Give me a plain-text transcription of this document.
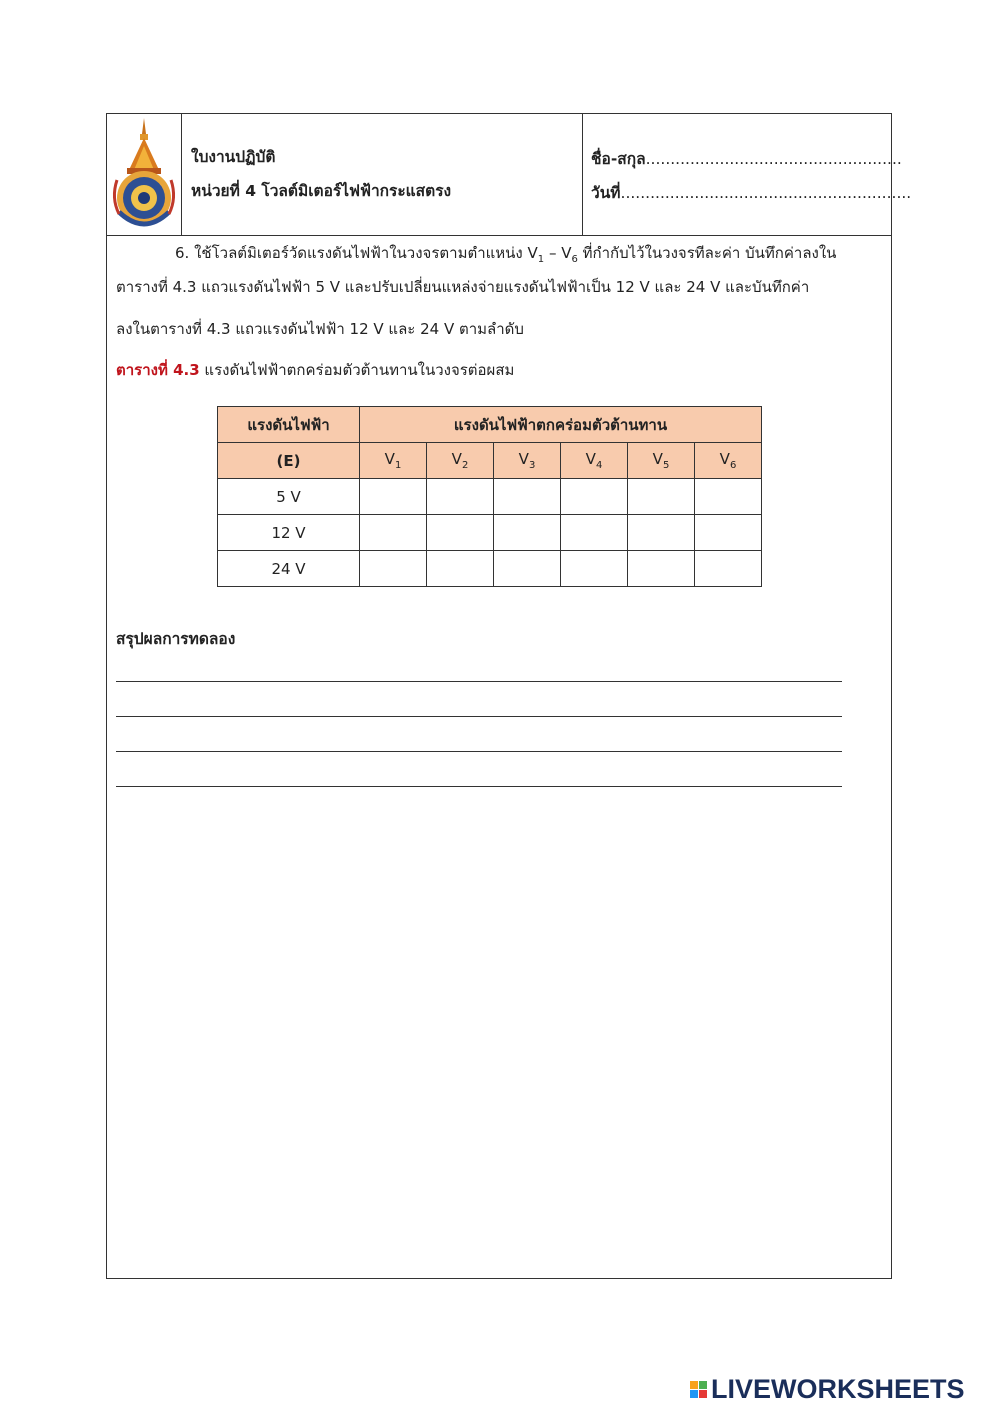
ใบงานปฏิบัติ
หน่วยที่ 4 โวลต์มิเตอร์ไฟฟ้ากระแสตรง
ชื่อ-สกุล....................................................
วันที่...........................................................
6. ใช้โวลต์มิเตอร์วัดแรงดันไฟฟ้าในวงจรตามตำแหน่ง $V_1 - V_6$ ที่กำกับไว้ในวงจรทีละค่า บันทึกค่าลงใน
ตารางที่ 4.3 แถวแรงดันไฟฟ้า 5 V และปรับเปลี่ยนแหล่งจ่ายแรงดันไฟฟ้าเป็น 12 V และ 24 V และบันทึกค่า
ลงในตารางที่ 4.3 แถวแรงดันไฟฟ้า 12 V และ 24 V ตามลำดับ
ตารางที่ 4.3 แรงดันไฟฟ้าตกคร่อมตัวต้านทานในวงจรต่อผสม
แรงดันไฟฟ้า	แรงดันไฟฟ้าตกคร่อมตัวต้านทาน					
(E)	$V_1$	$V_2$	$V_3$	$V_4$	$V_5$	$V_6$
5 V						
12 V						
24 V						
สรุปผลการทดลอง
LIVEWORKSHEETS
